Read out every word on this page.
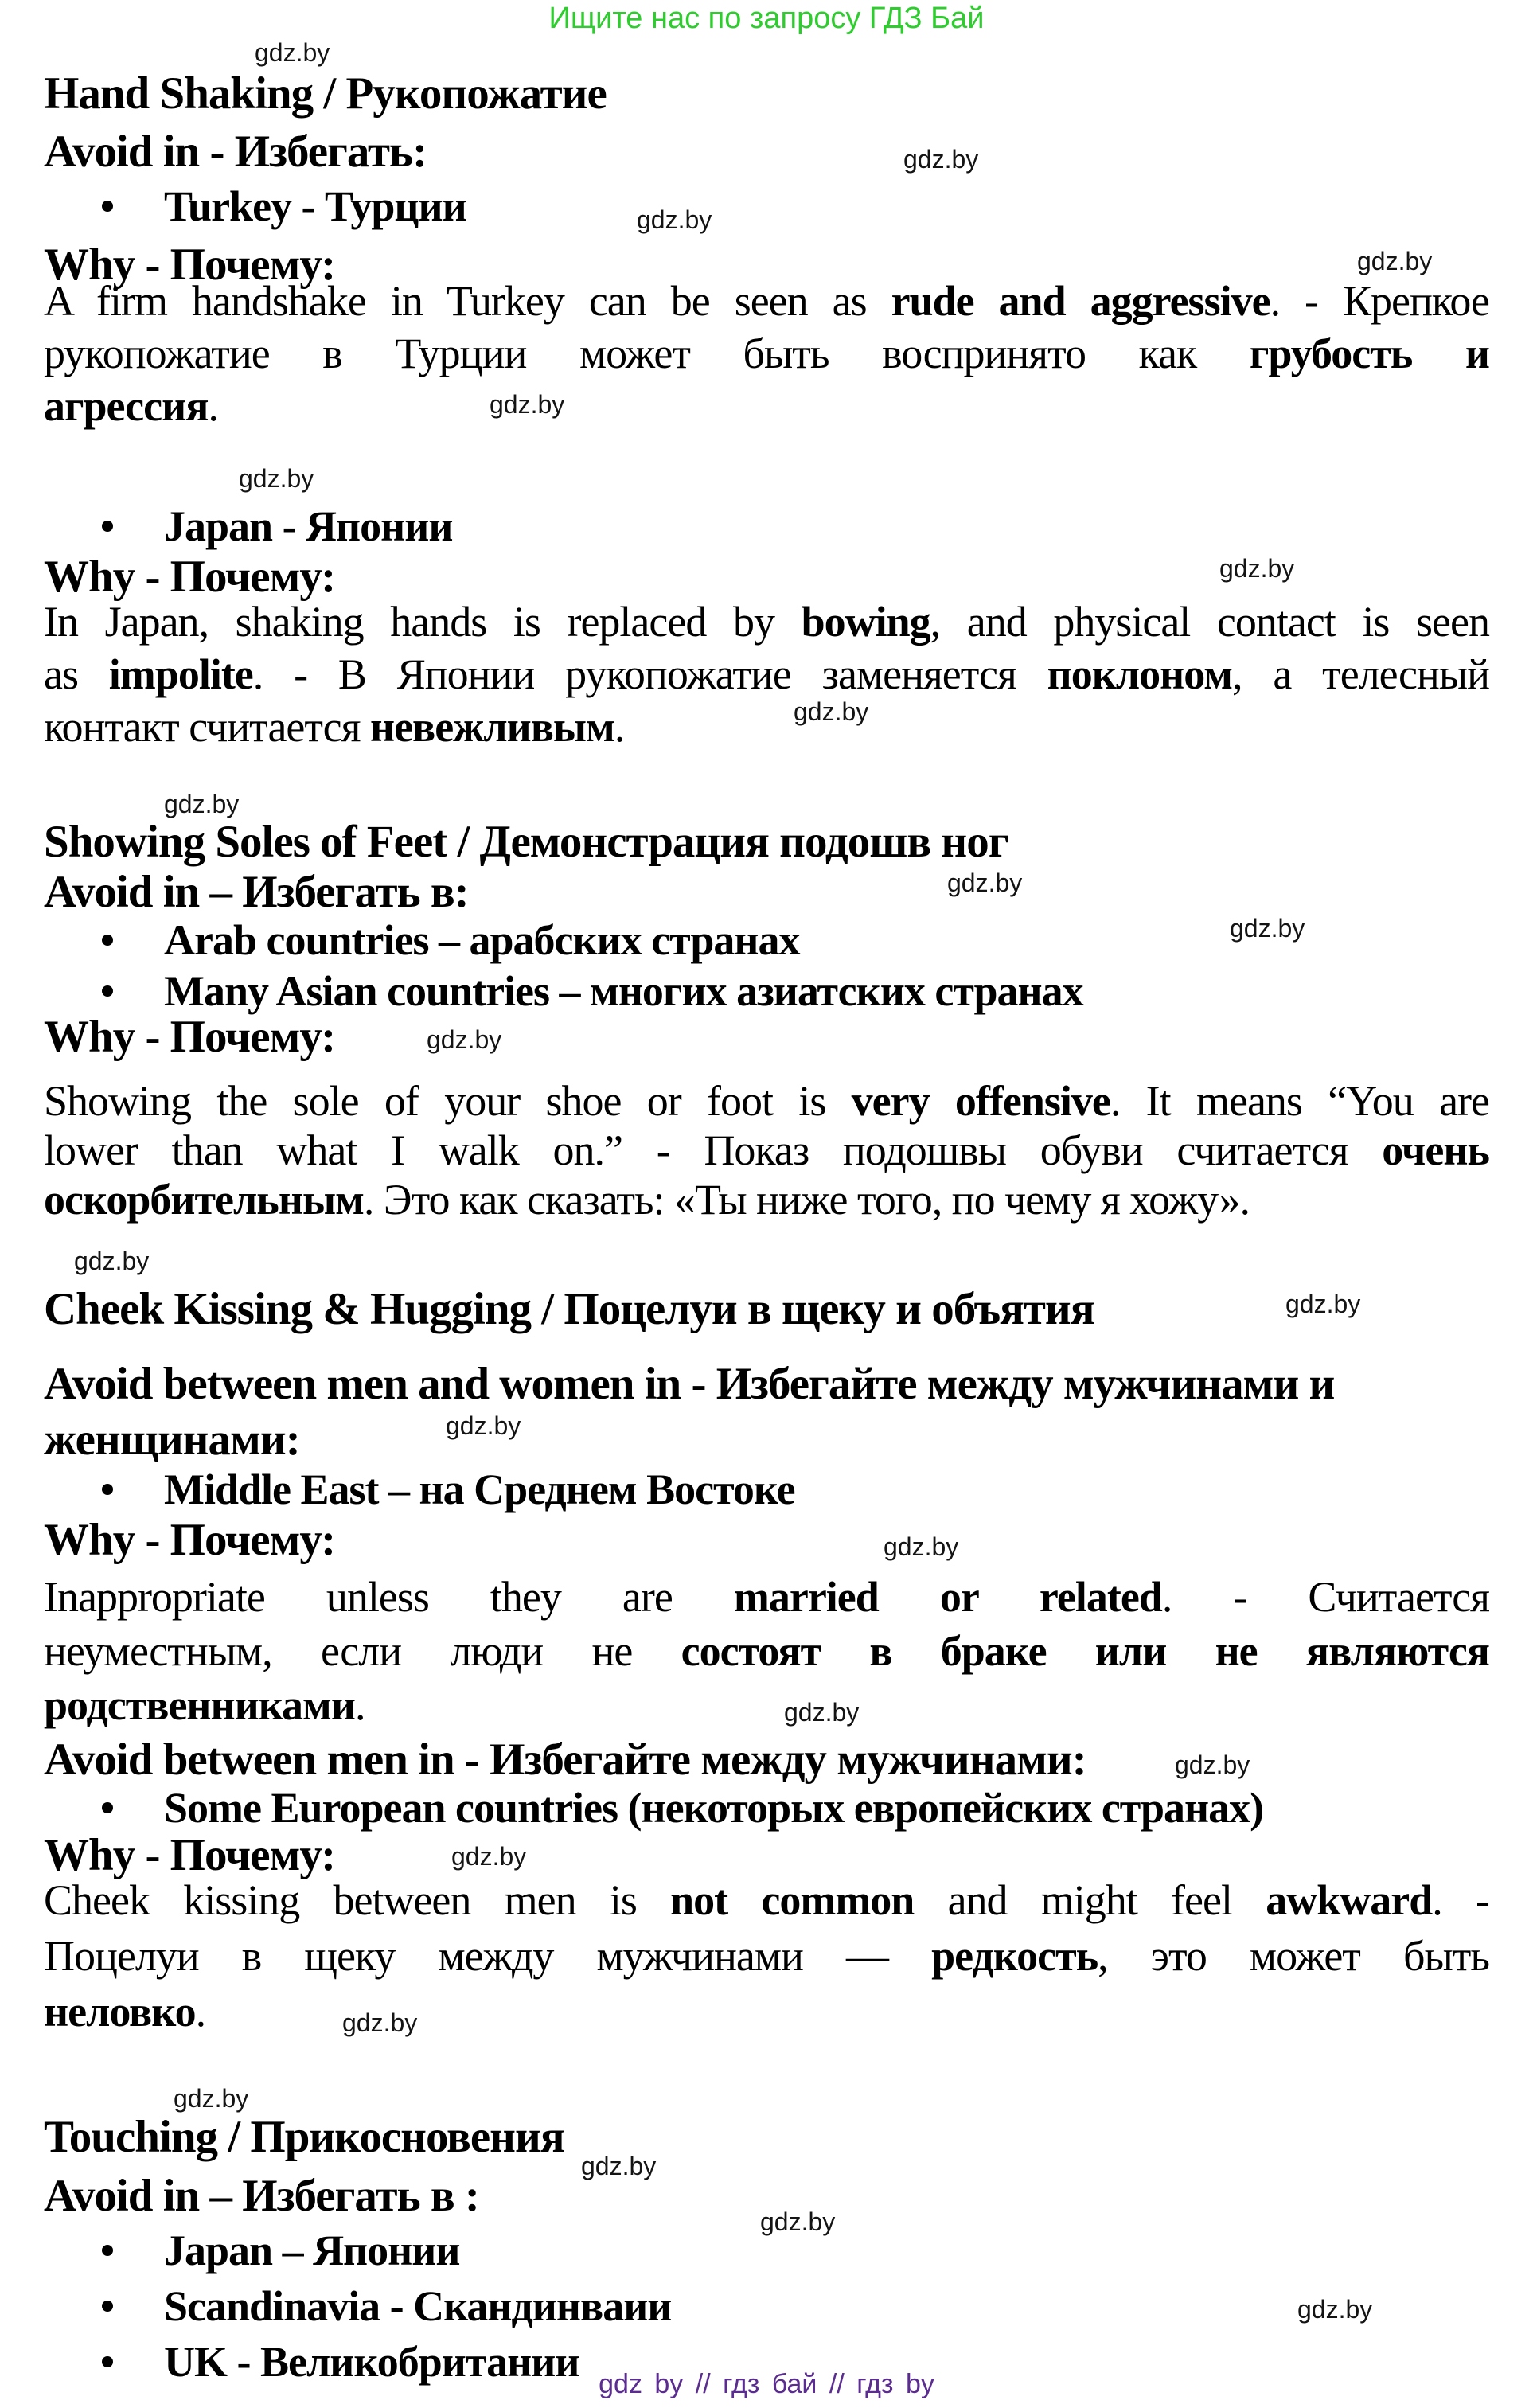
Ищите нас по запросу ГДЗ Бай
gdz.by
gdz.by
gdz.by
gdz.by
gdz.by
gdz.by
gdz.by
gdz.by
gdz.by
gdz.by
gdz.by
gdz.by
gdz.by
gdz.by
gdz.by
gdz.by
gdz.by
gdz.by
gdz.by
gdz.by
gdz.by
gdz.by
gdz.by
gdz.by
Hand Shaking / Рукопожатие
Avoid in - Избегать:
Turkey - Турции
Why - Почему:
A firm handshake in Turkey can be seen as rude and aggressive. - Крепкое
рукопожатие в Турции может быть воспринято как грубость и
агрессия.
Japan - Японии
Why - Почему:
In Japan, shaking hands is replaced by bowing, and physical contact is seen
as impolite. - В Японии рукопожатие заменяется поклоном, а телесный
контакт считается невежливым.
Showing Soles of Feet / Демонстрация подошв ног
Avoid in – Избегать в:
Arab countries – арабских странах
Many Asian countries – многих азиатских странах
Why - Почему:
Showing the sole of your shoe or foot is very offensive. It means “You are
lower than what I walk on.” - Показ подошвы обуви считается очень
оскорбительным. Это как сказать: «Ты ниже того, по чему я хожу».
Cheek Kissing & Hugging / Поцелуи в щеку и объятия
Avoid between men and women in - Избегайте между мужчинами и
женщинами:
Middle East – на Среднем Востоке
Why - Почему:
Inappropriate unless they are married or related. - Считается
неуместным, если люди не состоят в браке или не являются
родственниками.
Avoid between men in - Избегайте между мужчинами:
Some European countries (некоторых европейских странах)
Why - Почему:
Cheek kissing between men is not common and might feel awkward. -
Поцелуи в щеку между мужчинами — редкость, это может быть
неловко.
Touching / Прикосновения
Avoid in – Избегать в :
Japan – Японии
Scandinavia - Скандинваии
UK - Великобритании gdz by // гдз бай // гдз by
